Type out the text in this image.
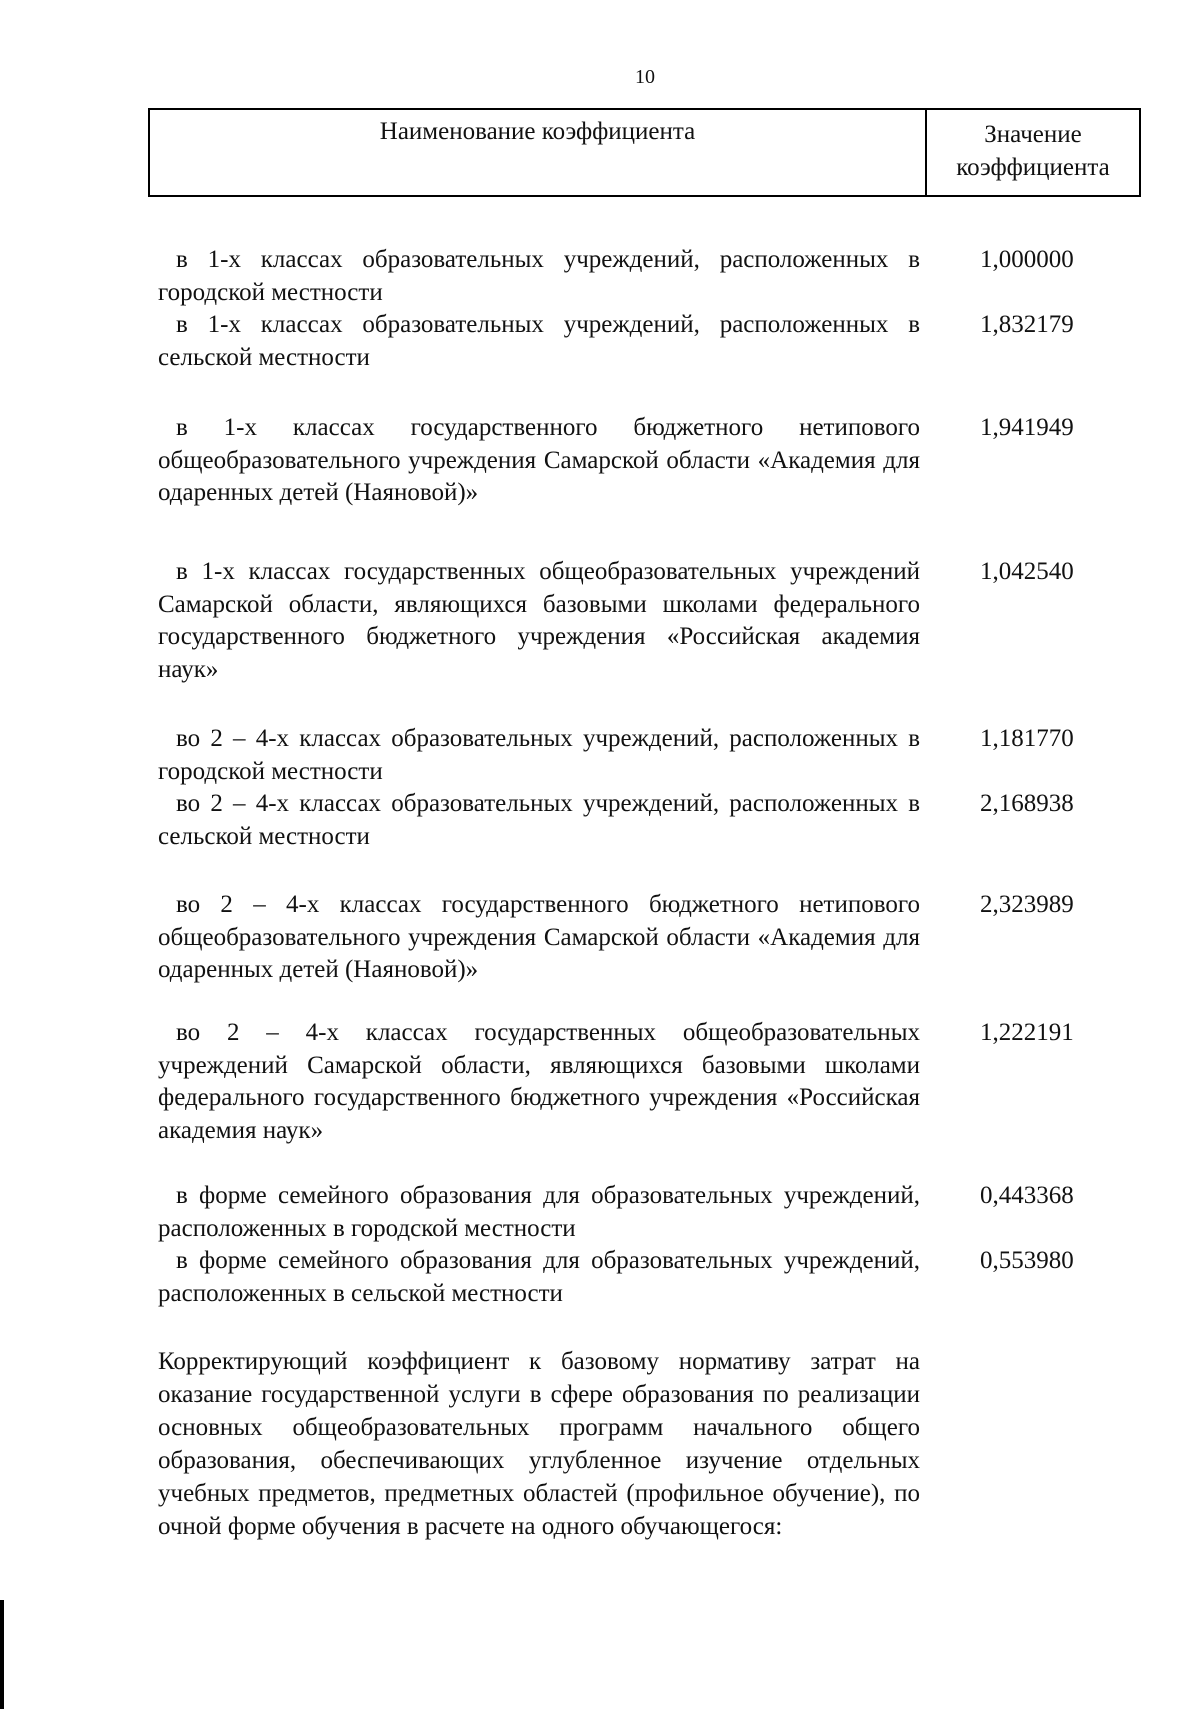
10
Наименование коэффициента	Значение коэффициента
в 1-х классах образовательных учреждений, расположенных в городской местности
1,000000
в 1-х классах образовательных учреждений, расположенных в сельской местности
1,832179
в 1-х классах государственного бюджетного нетипового общеобразовательного учреждения Самарской области «Академия для одаренных детей (Наяновой)»
1,941949
в 1-х классах государственных общеобразовательных учреждений Самарской области, являющихся базовыми школами федерального государственного бюджетного учреждения «Российская академия наук»
1,042540
во 2 – 4-х классах образовательных учреждений, расположенных в городской местности
1,181770
во 2 – 4-х классах образовательных учреждений, расположенных в сельской местности
2,168938
во 2 – 4-х классах государственного бюджетного нетипового общеобразовательного учреждения Самарской области «Академия для одаренных детей (Наяновой)»
2,323989
во 2 – 4-х классах государственных общеобразовательных учреждений Самарской области, являющихся базовыми школами федерального государственного бюджетного учреждения «Российская академия наук»
1,222191
в форме семейного образования для образовательных учреждений, расположенных в городской местности
0,443368
в форме семейного образования для образовательных учреждений, расположенных в сельской местности
0,553980
Корректирующий коэффициент к базовому нормативу затрат на оказание государственной услуги в сфере образования по реализации основных общеобразовательных программ начального общего образования, обеспечивающих углубленное изучение отдельных учебных предметов, предметных областей (профильное обучение), по очной форме обучения в расчете на одного обучающегося:
